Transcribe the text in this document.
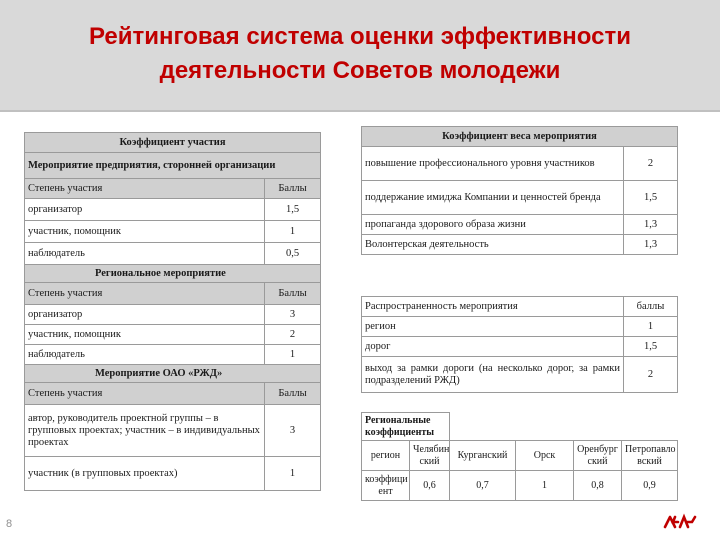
Рейтинговая система оценки эффективности
деятельности Советов молодежи
Коэффициент участия	
Мероприятие предприятия, сторонней организации	
Степень участия	Баллы
организатор	1,5
участник, помощник	1
наблюдатель	0,5
Региональное мероприятие	
Степень участия	Баллы
организатор	3
участник, помощник	2
наблюдатель	1
Мероприятие ОАО «РЖД»	
Степень участия	Баллы
автор, руководитель проектной группы – в групповых проектах; участник – в индивидуальных проектах	3
участник (в групповых проектах)	1
Коэффициент веса мероприятия	
повышение профессионального уровня участников	2
поддержание имиджа Компании и ценностей бренда	1,5
пропаганда здорового образа жизни	1,3
Волонтерская деятельность	1,3
Распространенность мероприятия	баллы
регион	1
дорог	1,5
выход за рамки дороги (на несколько дорог, за рамки подразделений РЖД)	2
Региональные коэффициенты					
регион	Челябин ский	Курганский	Орск	Оренбург ский	Петропавло вский
коэффици ент	0,6	0,7	1	0,8	0,9
8
